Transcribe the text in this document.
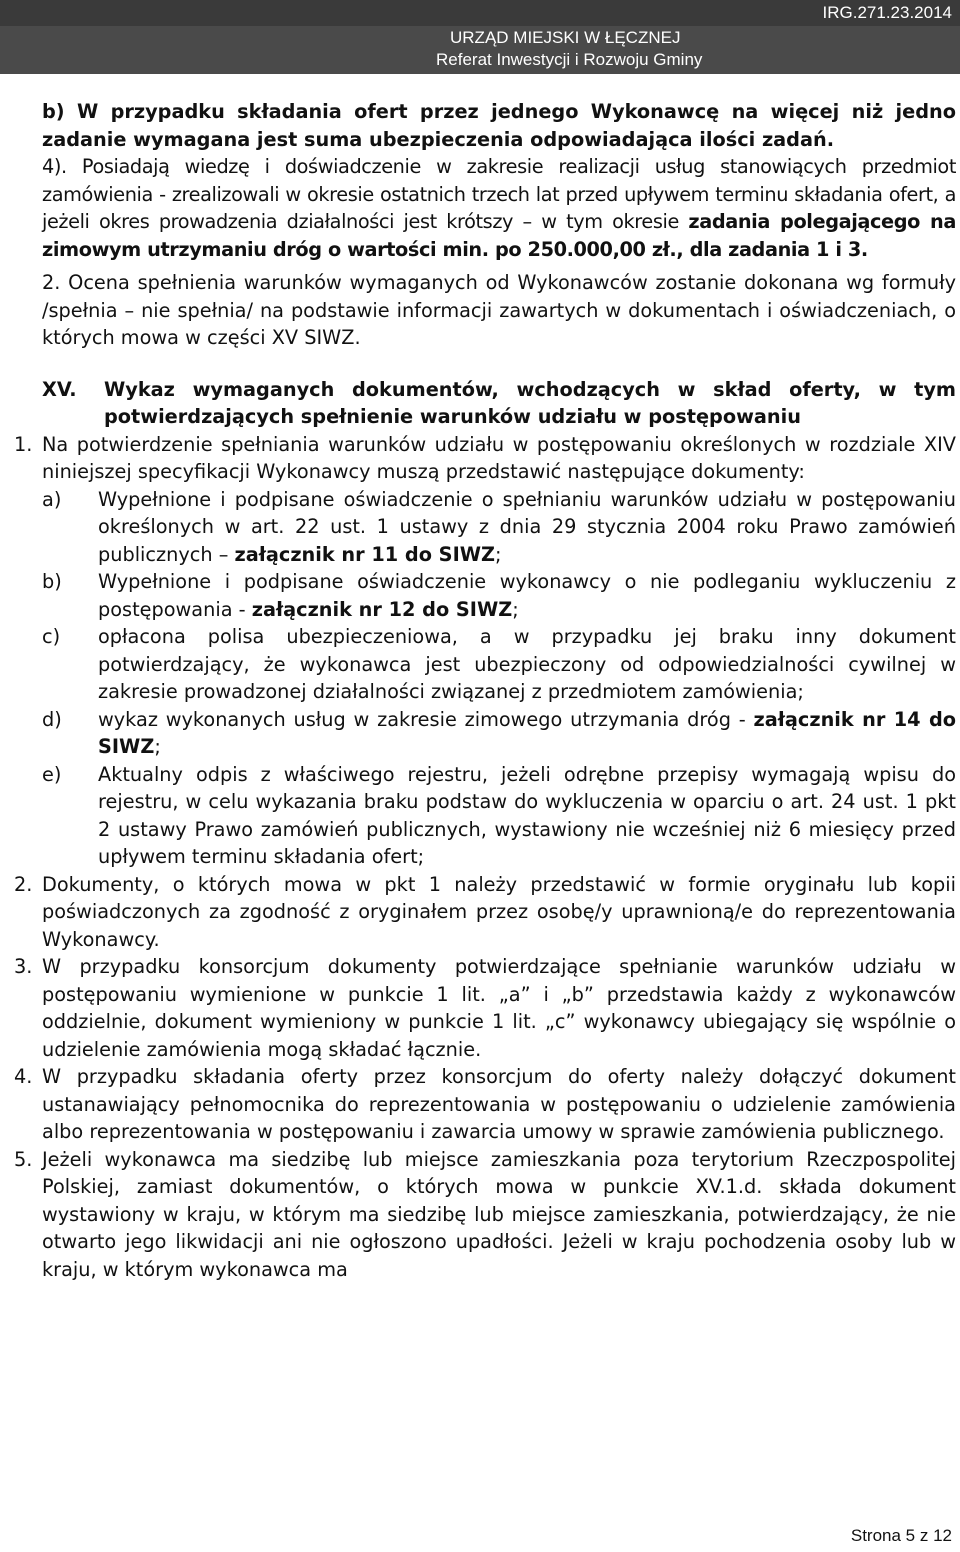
IRG.271.23.2014
URZĄD MIEJSKI W ŁĘCZNEJ
Referat Inwestycji i Rozwoju Gminy

b) W przypadku składania ofert przez jednego Wykonawcę na więcej niż jedno zadanie wymagana jest suma ubezpieczenia odpowiadająca ilości zadań.

4). Posiadają wiedzę i doświadczenie w zakresie realizacji usług stanowiących przedmiot zamówienia - zrealizowali w okresie ostatnich trzech lat przed upływem terminu składania ofert, a jeżeli okres prowadzenia działalności jest krótszy – w tym okresie zadania polegającego na zimowym utrzymaniu dróg o wartości min. po 250.000,00 zł., dla zadania 1 i 3.

2. Ocena spełnienia warunków wymaganych od Wykonawców zostanie dokonana wg formuły /spełnia – nie spełnia/ na podstawie informacji zawartych w dokumentach i oświadczeniach, o których mowa w części XV SIWZ.

XV.	Wykaz wymaganych dokumentów, wchodzących w skład oferty, w tym potwierdzających spełnienie warunków udziału w postępowaniu
1. Na potwierdzenie spełniania warunków udziału w postępowaniu określonych w rozdziale XIV niniejszej specyfikacji Wykonawcy muszą przedstawić następujące dokumenty:
a)	Wypełnione i podpisane oświadczenie o spełnianiu warunków udziału w postępowaniu określonych w art. 22 ust. 1 ustawy z dnia 29 stycznia 2004 roku Prawo zamówień publicznych – załącznik nr 11 do SIWZ;
b)	Wypełnione i podpisane oświadczenie wykonawcy o nie podleganiu wykluczeniu z postępowania - załącznik nr 12 do SIWZ;
c)	opłacona polisa ubezpieczeniowa, a w przypadku jej braku inny dokument potwierdzający, że wykonawca jest ubezpieczony od odpowiedzialności cywilnej w zakresie prowadzonej działalności związanej z przedmiotem zamówienia;
d)	wykaz wykonanych usług w zakresie zimowego utrzymania dróg - załącznik nr 14 do SIWZ;
e)	Aktualny odpis z właściwego rejestru, jeżeli odrębne przepisy wymagają wpisu do rejestru, w celu wykazania braku podstaw do wykluczenia w oparciu o art. 24 ust. 1 pkt 2 ustawy Prawo zamówień publicznych, wystawiony nie wcześniej niż 6 miesięcy przed upływem terminu składania ofert;
2. Dokumenty, o których mowa w pkt 1 należy przedstawić w formie oryginału lub kopii poświadczonych za zgodność z oryginałem przez osobę/y uprawnioną/e do reprezentowania Wykonawcy.
3. W przypadku konsorcjum dokumenty potwierdzające spełnianie warunków udziału w postępowaniu wymienione w punkcie 1 lit. „a” i „b” przedstawia każdy z wykonawców oddzielnie, dokument wymieniony w punkcie 1 lit. „c” wykonawcy ubiegający się wspólnie o udzielenie zamówienia mogą składać łącznie.
4. W przypadku składania oferty przez konsorcjum do oferty należy dołączyć dokument ustanawiający pełnomocnika do reprezentowania w postępowaniu o udzielenie zamówienia albo reprezentowania w postępowaniu i zawarcia umowy w sprawie zamówienia publicznego.
5. Jeżeli wykonawca ma siedzibę lub miejsce zamieszkania poza terytorium Rzeczpospolitej Polskiej, zamiast dokumentów, o których mowa w punkcie XV.1.d. składa dokument wystawiony w kraju, w którym ma siedzibę lub miejsce zamieszkania, potwierdzający, że nie otwarto jego likwidacji ani nie ogłoszono upadłości. Jeżeli w kraju pochodzenia osoby lub w kraju, w którym wykonawca ma
Strona 5 z 12
